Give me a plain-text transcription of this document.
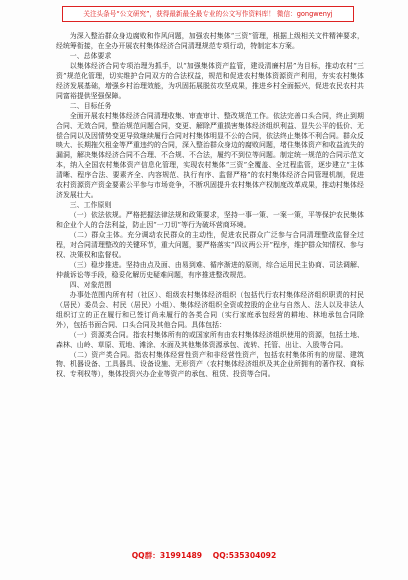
关注头条号“公文研究”，获得最新最全最专业的公文写作资料库！ 微信：gongwenyj

为深入整治群众身边腐败和作风问题，加强农村集体“三资”管理，根据上级相关文件精神要求，经统筹衔接，在全办开展农村集体经济合同清理规范专项行动，特制定本方案。

一、总体要求

以集体经济合同专项治理为抓手，以“加强集体资产监管，建设清廉村居”为目标，推动农村“三资”规范化管理，切实维护合同双方的合法权益，规范和促进农村集体资源资产利用，夯实农村集体经济发展基础，增强乡村治理效能，为巩固拓展脱贫攻坚成果，推进乡村全面振兴，促进农民农村共同富裕提供坚强保障。

二、目标任务

全面开展农村集体经济合同清理收集、审查审计、整改规范工作。依法完善口头合同，终止到期合同、无效合同，整治规范问题合同，变更、解除严重损害集体经济组织利益、显失公平的低价、无偿合同以及因情势变更导致继续履行合同对村集体明显不公的合同，依法终止集体不利合同。群众反映大、长期拖欠租金等严重违约的合同，深入整治群众身边的腐败问题，堵住集体资产和收益流失的漏洞，解决集体经济合同不合理、不合规、不合法，履约不到位等问题。制定统一规范的合同示范文本，纳入全国农村集体资产信息化管理，实现农村集体“三资”全覆盖、全过程监管，逐步建立“主体清晰、程序合法、要素齐全、内容规范、执行有序、监督严格”的农村集体经济合同管理机制，促进农村资源资产资金要素公平参与市场竞争，不断巩固提升农村集体产权制度改革成果，推动村集体经济发展壮大。

三、工作原则

（一）依法依规。严格把握法律法规和政策要求，坚持一事一策、一案一策，平等保护农民集体和企业个人的合法利益，防止因“一刀切”等行为破坏营商环境。

（二）群众主体。充分调动农民群众的主动性，促进农民群众广泛参与合同清理整改监督全过程，对合同清理整改的关键环节，重大问题，要严格落实“四议两公开”程序，维护群众知情权、参与权、决策权和监督权。

（三）稳步推进。坚持由点及面、由易到难、循序渐进的原则，综合运用民主协商、司法调解、仲裁诉讼等手段，稳妥化解历史疑难问题，有序推进整改规范。

四、对象范围

办事处范围内所有村（社区）、组级农村集体经济组织（包括代行农村集体经济组织职责的村民（居民）委员会、村民（居民）小组）、集体经济组织全资或控股的企业与自然人、法人以及非法人组织订立的正在履行和已签订尚未履行的各类合同（实行家庭承包经营的耕地、林地承包合同除外），包括书面合同、口头合同及其他合同。具体包括：

（一）资源类合同。指农村集体所有的或国家所有由农村集体经济组织使用的资源，包括土地、森林、山岭、草原、荒地、滩涂、水面及其他集体资源承包、流转、托管、出让、入股等合同。

（二）资产类合同。指农村集体经营性资产和非经营性资产，包括农村集体所有的房屋、建筑物、机器设备、工具器具、设备设施、无形资产（农村集体经济组织及其企业所拥有的著作权、商标权、专利权等），集体投资兴办企业等资产的承包、租赁、投资等合同。

QQ群：31991489 QQ:535304092
